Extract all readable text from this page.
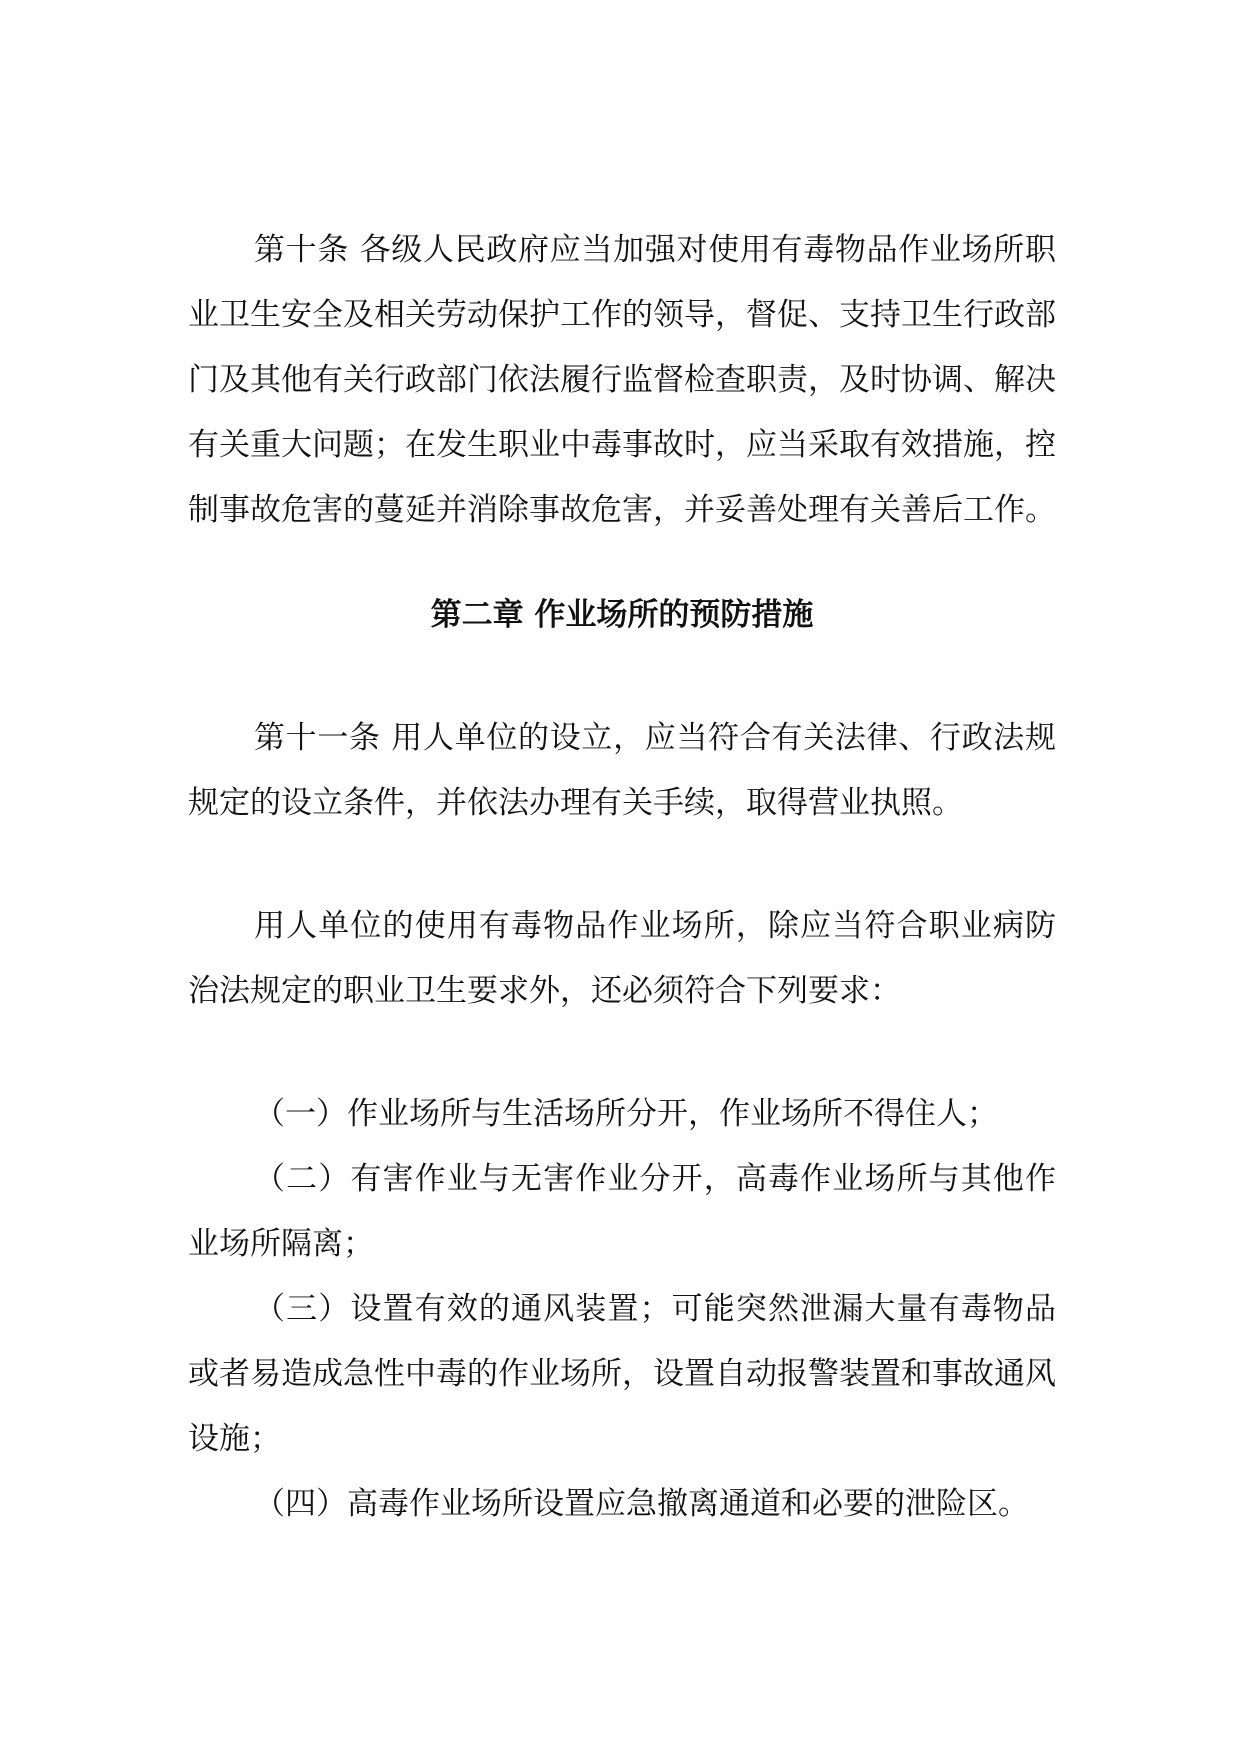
第十条 各级人民政府应当加强对使用有毒物品作业场所职业卫生安全及相关劳动保护工作的领导，督促、支持卫生行政部门及其他有关行政部门依法履行监督检查职责，及时协调、解决有关重大问题；在发生职业中毒事故时，应当采取有效措施，控制事故危害的蔓延并消除事故危害，并妥善处理有关善后工作。

第二章 作业场所的预防措施

第十一条 用人单位的设立，应当符合有关法律、行政法规规定的设立条件，并依法办理有关手续，取得营业执照。

用人单位的使用有毒物品作业场所，除应当符合职业病防治法规定的职业卫生要求外，还必须符合下列要求：

（一）作业场所与生活场所分开，作业场所不得住人；

（二）有害作业与无害作业分开，高毒作业场所与其他作业场所隔离；

（三）设置有效的通风装置；可能突然泄漏大量有毒物品或者易造成急性中毒的作业场所，设置自动报警装置和事故通风设施；

（四）高毒作业场所设置应急撤离通道和必要的泄险区。
